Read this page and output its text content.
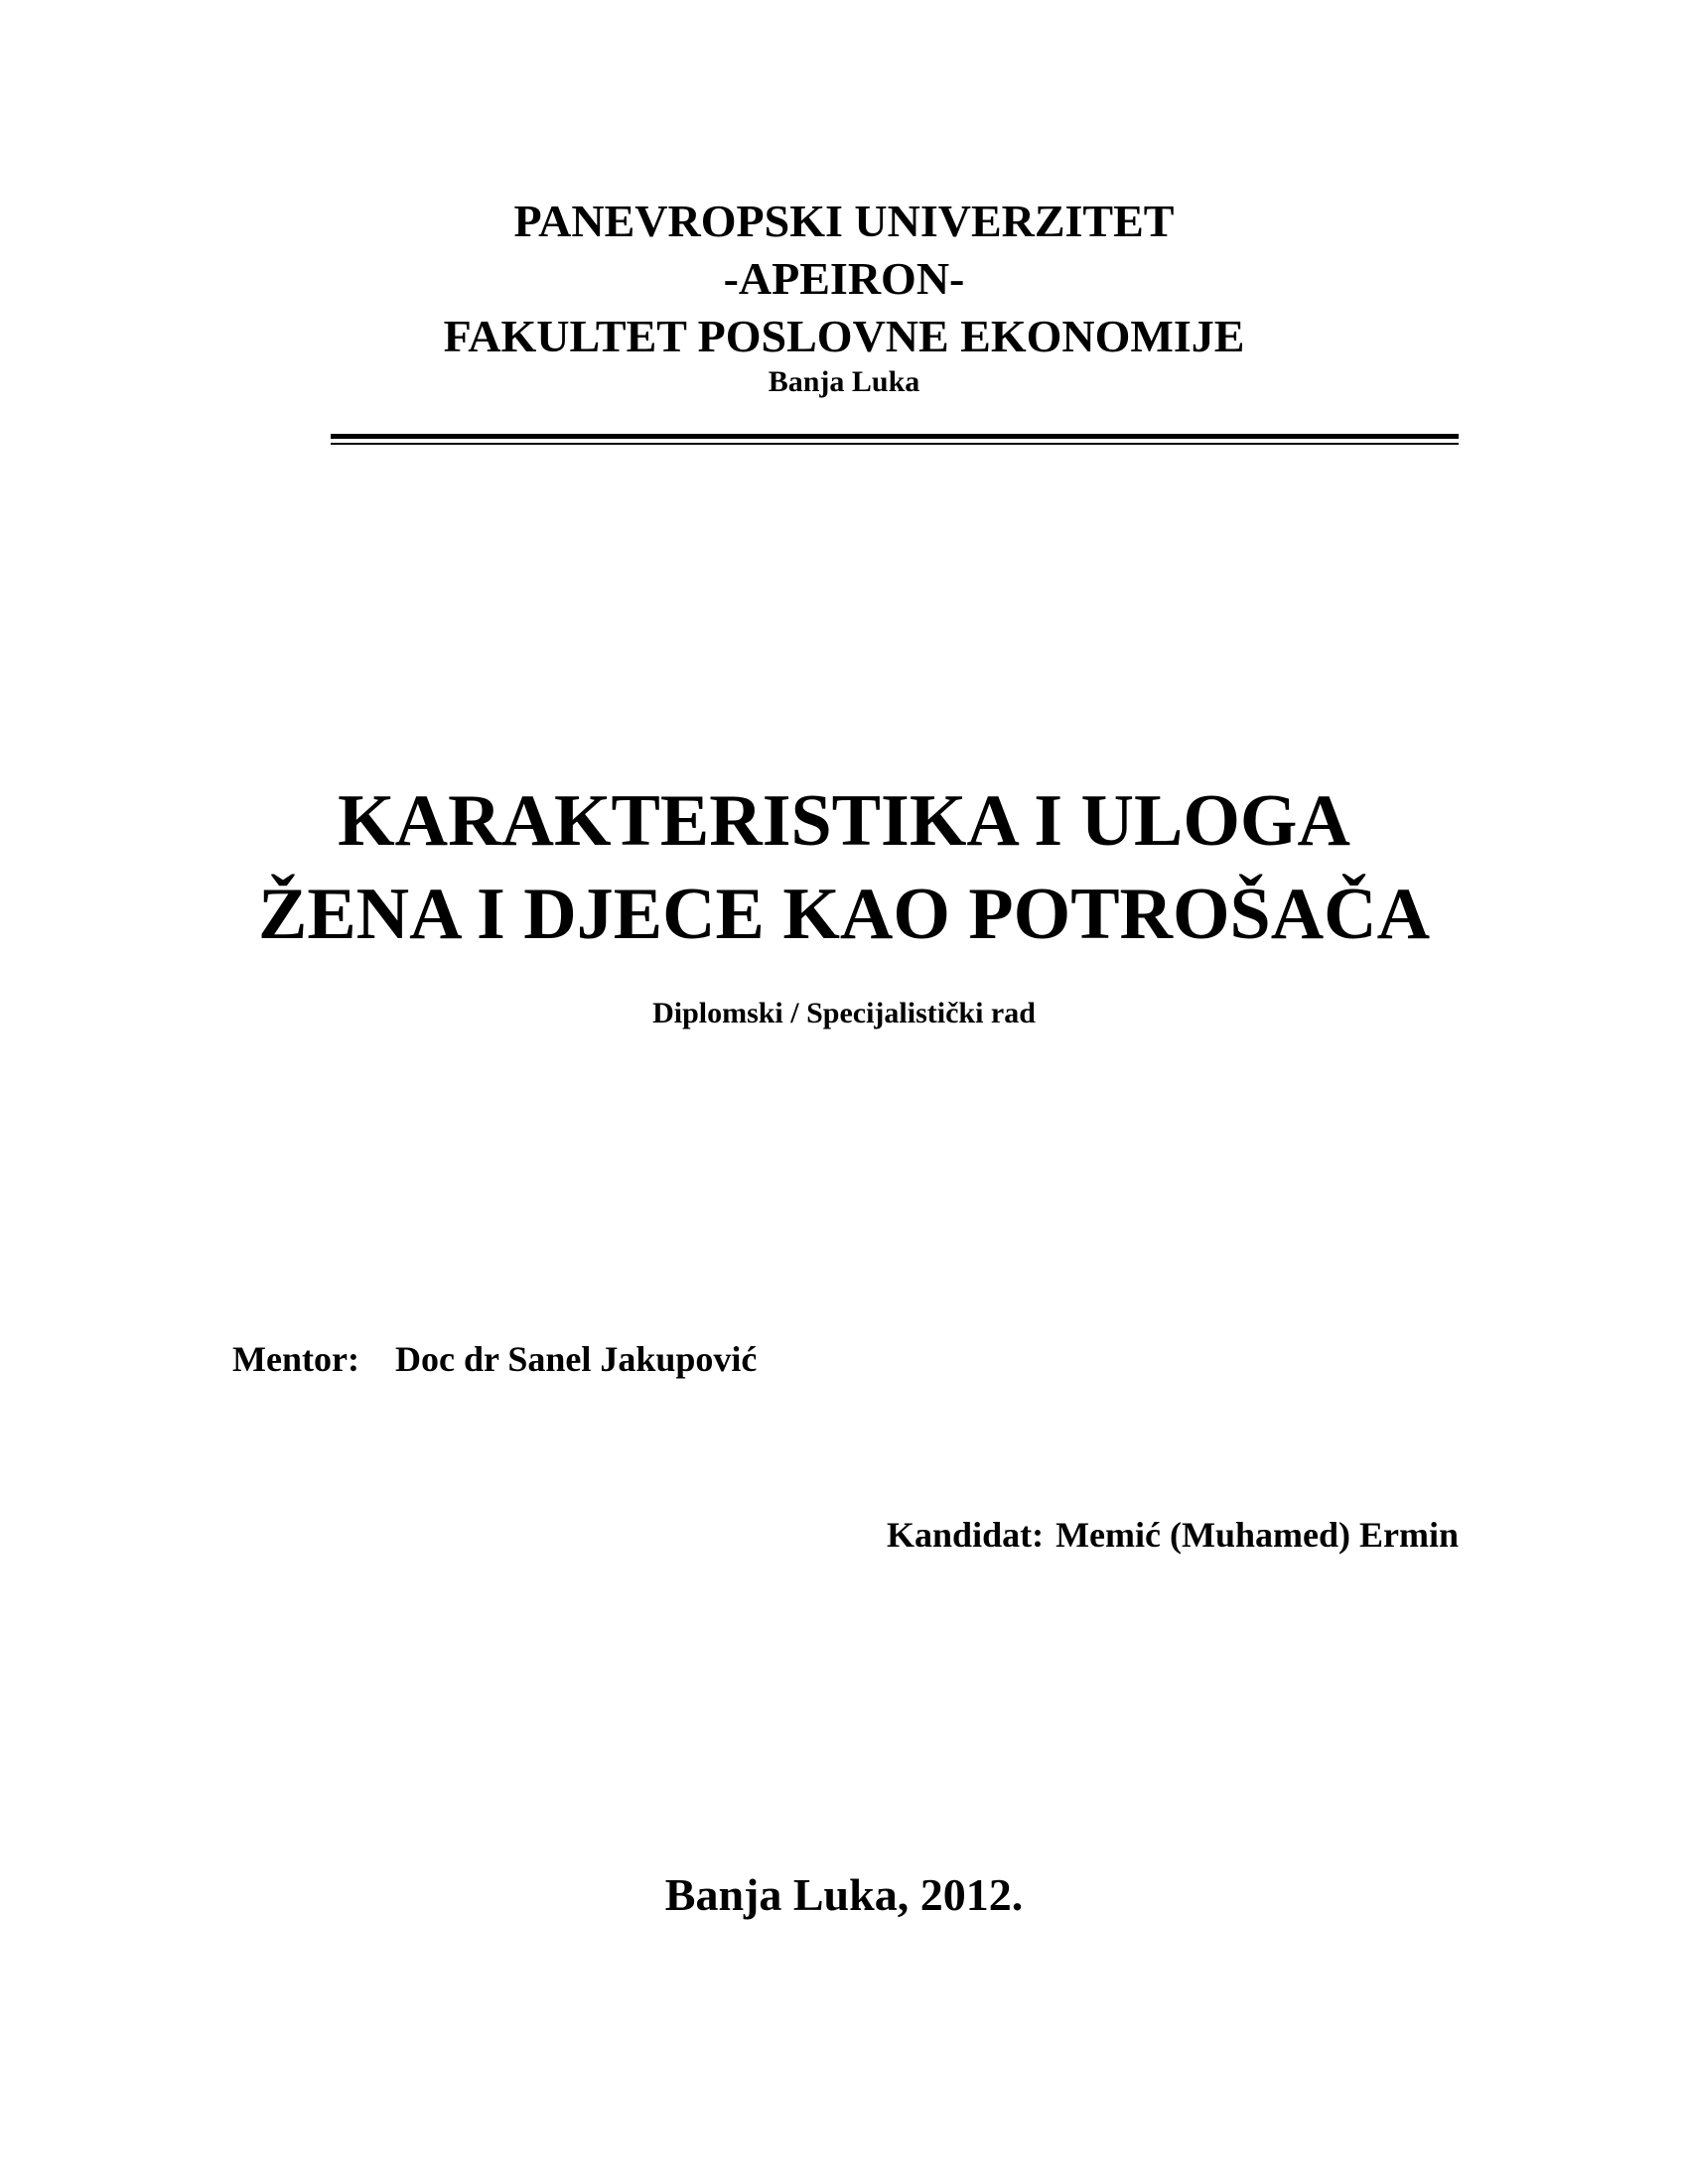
PANEVROPSKI UNIVERZITET
-APEIRON-
FAKULTET POSLOVNE EKONOMIJE
Banja Luka
KARAKTERISTIKA I ULOGA
ŽENA I DJECE KAO POTROŠAČA
Diplomski / Specijalistički rad
Mentor: Doc dr Sanel Jakupović
Kandidat: Memić (Muhamed) Ermin
Banja Luka, 2012.
